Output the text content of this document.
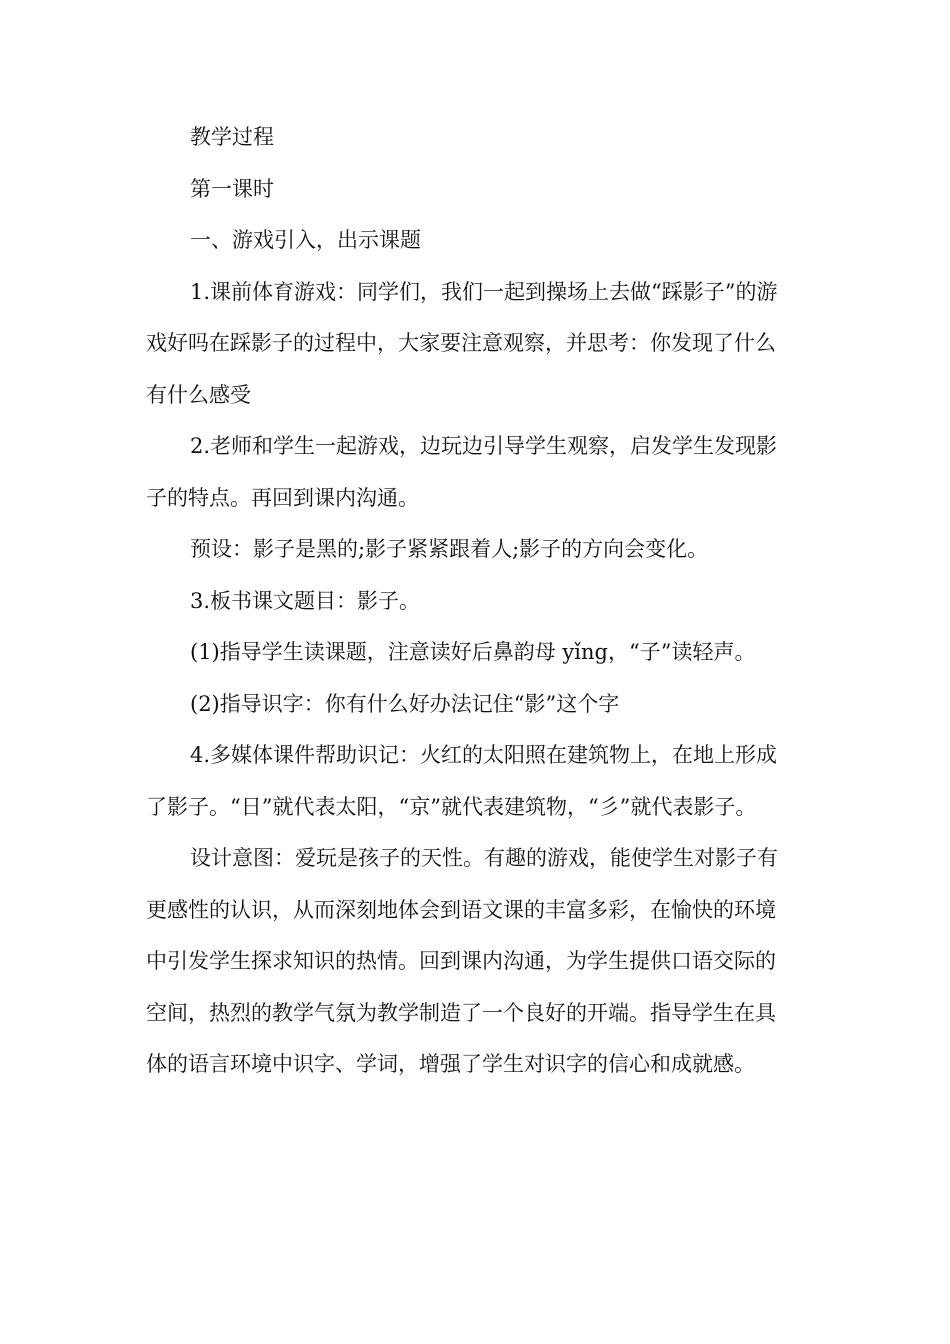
教学过程

第一课时

一、游戏引入，出示课题

1.课前体育游戏：同学们，我们一起到操场上去做“踩影子”的游戏好吗在踩影子的过程中，大家要注意观察，并思考：你发现了什么有什么感受

2.老师和学生一起游戏，边玩边引导学生观察，启发学生发现影子的特点。再回到课内沟通。

预设：影子是黑的;影子紧紧跟着人;影子的方向会变化。

3.板书课文题目：影子。

(1)指导学生读课题，注意读好后鼻韵母 yǐng，“子”读轻声。

(2)指导识字：你有什么好办法记住“影”这个字

4.多媒体课件帮助识记：火红的太阳照在建筑物上，在地上形成了影子。“日”就代表太阳，“京”就代表建筑物，“彡”就代表影子。

设计意图：爱玩是孩子的天性。有趣的游戏，能使学生对影子有更感性的认识，从而深刻地体会到语文课的丰富多彩，在愉快的环境中引发学生探求知识的热情。回到课内沟通，为学生提供口语交际的空间，热烈的教学气氛为教学制造了一个良好的开端。指导学生在具体的语言环境中识字、学词，增强了学生对识字的信心和成就感。
